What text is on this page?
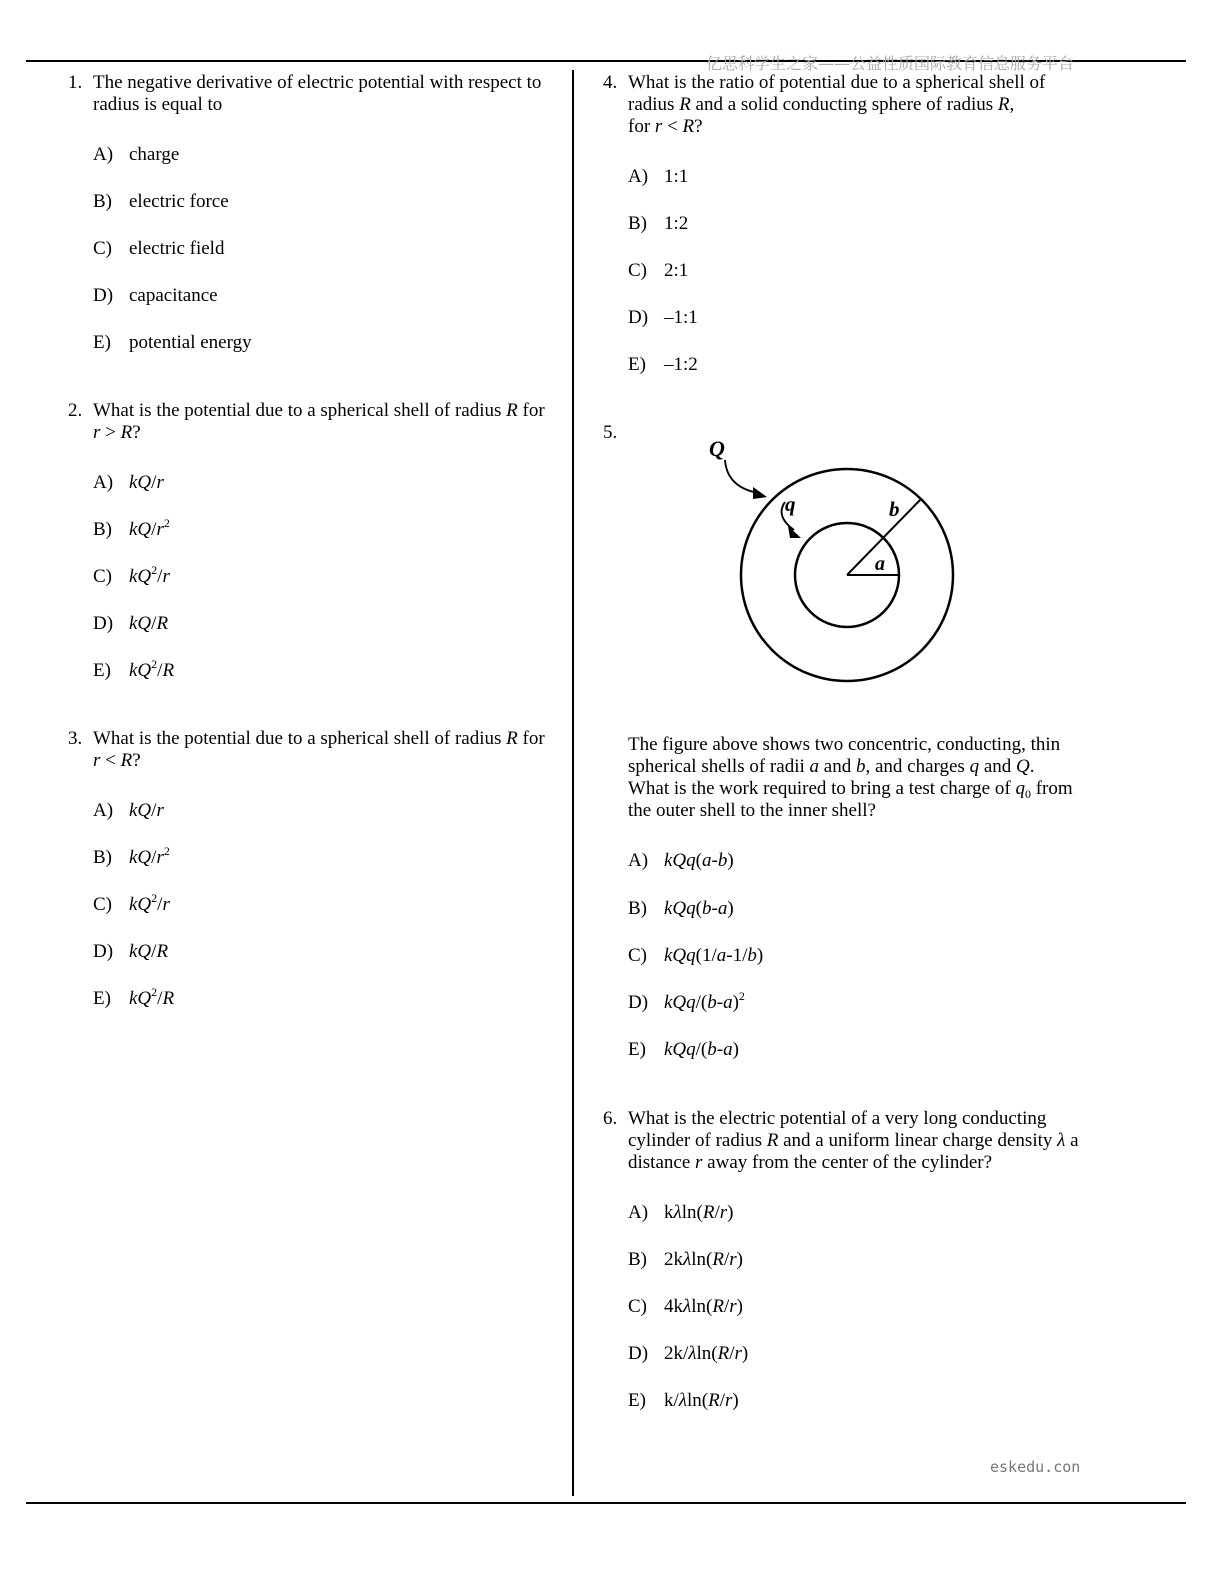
亿思科学生之家——公益性质国际教育信息服务平台
eskedu.con
1. The negative derivative of electric potential with respect to
radius is equal to
A) charge
B) electric force
C) electric field
D) capacitance
E) potential energy
2. What is the potential due to a spherical shell of radius R for
r > R?
A) kQ/r
B) $kQ/r^2$
C) $kQ^2/r$
D) kQ/R
E) $kQ^2/R$
3. What is the potential due to a spherical shell of radius R for
r < R?
A) kQ/r
B) $kQ/r^2$
C) $kQ^2/r$
D) kQ/R
E) $kQ^2/R$
4. What is the ratio of potential due to a spherical shell of
radius R and a solid conducting sphere of radius R,
for r < R?
A) 1:1
B) 1:2
C) 2:1
D) –1:1
E) –1:2
5.
Q
q	b
a
The figure above shows two concentric, conducting, thin
spherical shells of radii a and b, and charges q and Q.
What is the work required to bring a test charge of $q_0$ from
the outer shell to the inner shell?
A) kQq(a-b)
B) kQq(b-a)
C) kQq(1/a-1/b)
D) kQq/$(b-a)^2$
E) kQq/(b-a)
6. What is the electric potential of a very long conducting
cylinder of radius R and a uniform linear charge density λ a
distance r away from the center of the cylinder?
A) kλln(R/r)
B) 2kλln(R/r)
C) 4kλln(R/r)
D) 2k/λln(R/r)
E) k/λln(R/r)
